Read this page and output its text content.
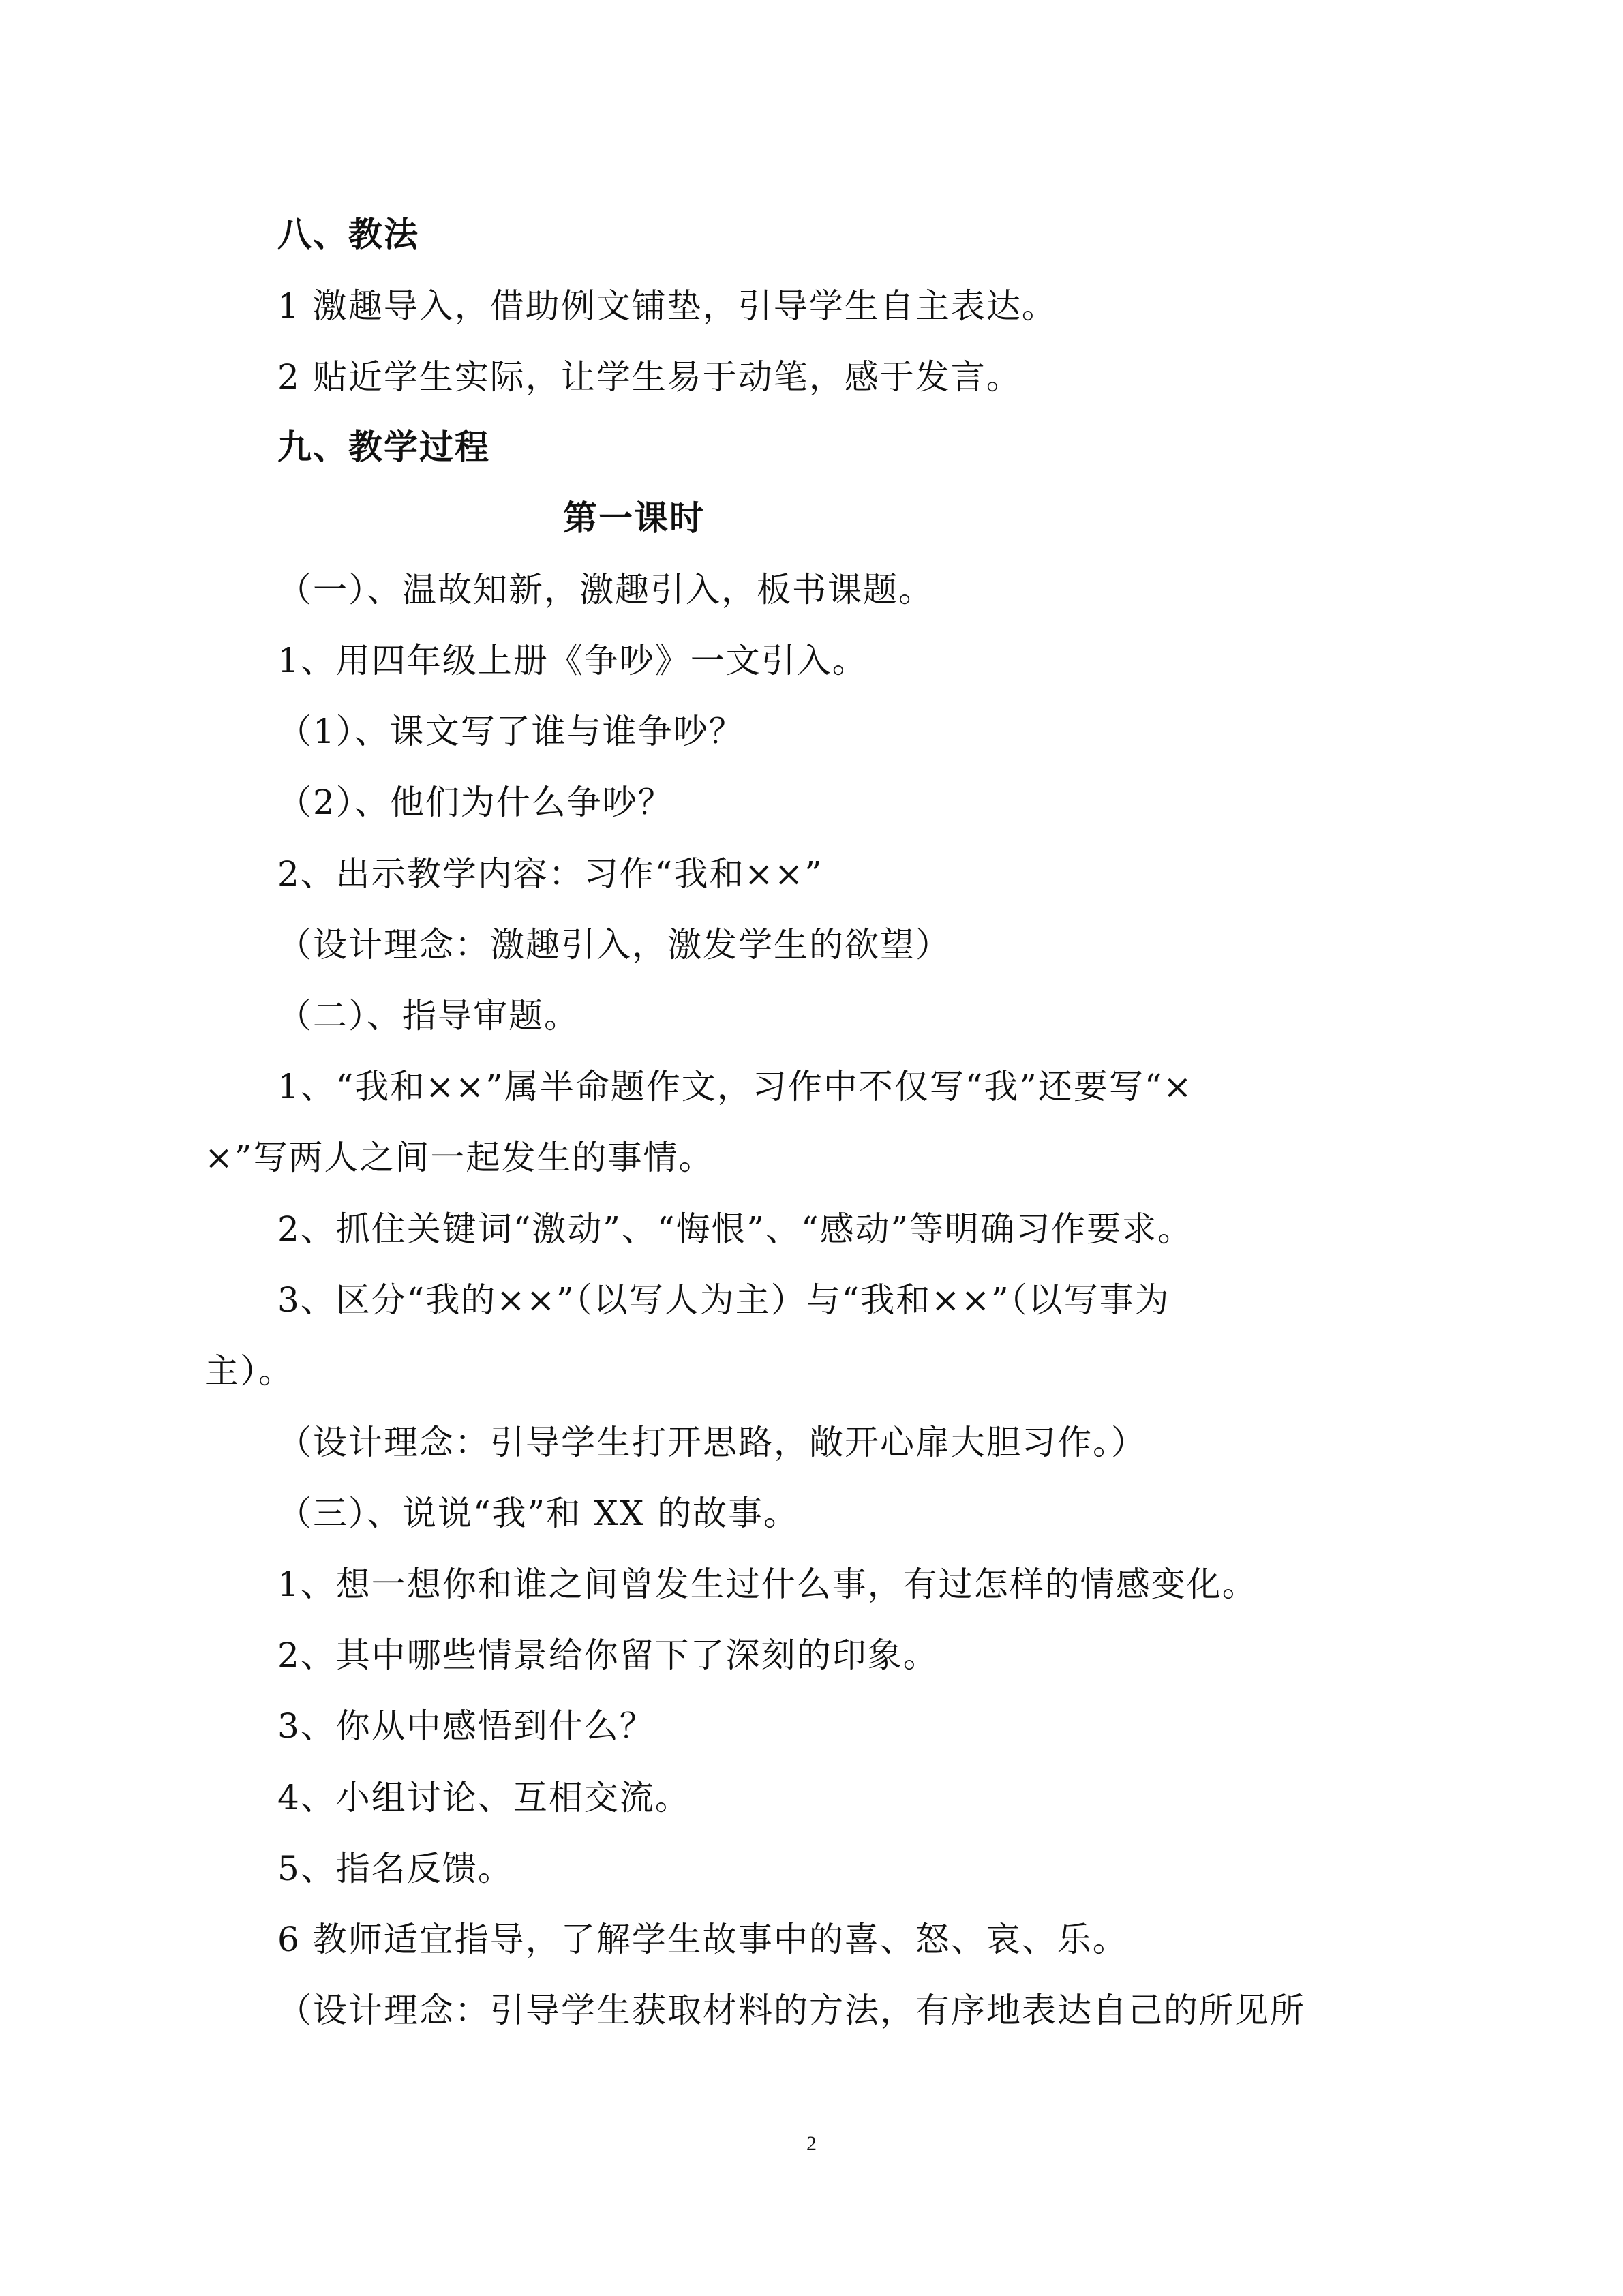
八、教法
1 激趣导入，借助例文铺垫，引导学生自主表达。
2 贴近学生实际，让学生易于动笔，感于发言。
九、教学过程
第一课时
（一）、温故知新，激趣引入，板书课题。
1、用四年级上册《争吵》一文引入。
（1）、课文写了谁与谁争吵？
（2）、他们为什么争吵？
2、出示教学内容：习作“我和××”
（设计理念：激趣引入，激发学生的欲望）
（二）、指导审题。
1、“我和××”属半命题作文，习作中不仅写“我”还要写“×
×”写两人之间一起发生的事情。
2、抓住关键词“激动”、“悔恨”、“感动”等明确习作要求。
3、区分“我的××”（以写人为主）与“我和××”（以写事为
主）。
（设计理念：引导学生打开思路，敞开心扉大胆习作。）
（三）、说说“我”和 XX 的故事。
1、想一想你和谁之间曾发生过什么事，有过怎样的情感变化。
2、其中哪些情景给你留下了深刻的印象。
3、你从中感悟到什么？
4、小组讨论、互相交流。
5、指名反馈。
6 教师适宜指导，了解学生故事中的喜、怒、哀、乐。
（设计理念：引导学生获取材料的方法，有序地表达自己的所见所
2
